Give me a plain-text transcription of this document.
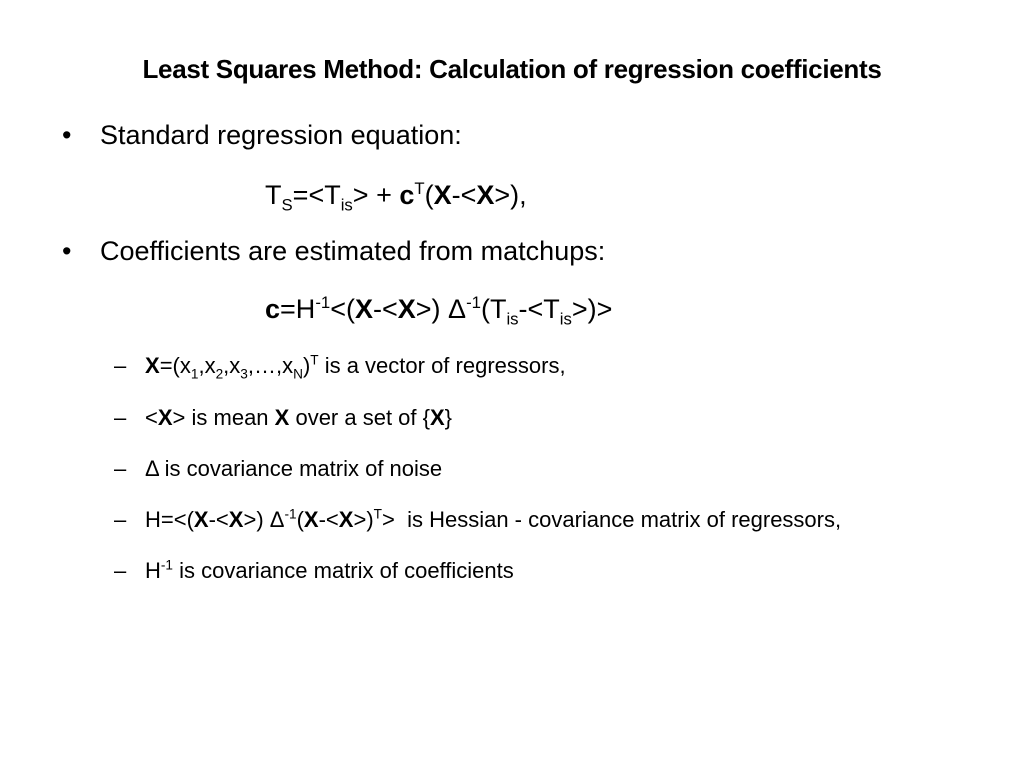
Least Squares Method: Calculation of regression coefficients
• Standard regression equation:
$T_S=<T_{is}> + c^T(X-<X>)$,
• Coefficients are estimated from matchups:
$c=H^{-1}<(X-<X>)$ $\Delta^{-1}(T_{is}-<T_{is}>)>$
– $X=(x_1,x_2,x_3,\dots,x_N)^T$ is a vector of regressors,
– <X> is mean X over a set of {X}
– Δ is covariance matrix of noise
– H=<(X-<X>) $\Delta^{-1}(X-<X>)^T>$  is Hessian - covariance matrix of regressors,
– $H^{-1}$ is covariance matrix of coefficients
